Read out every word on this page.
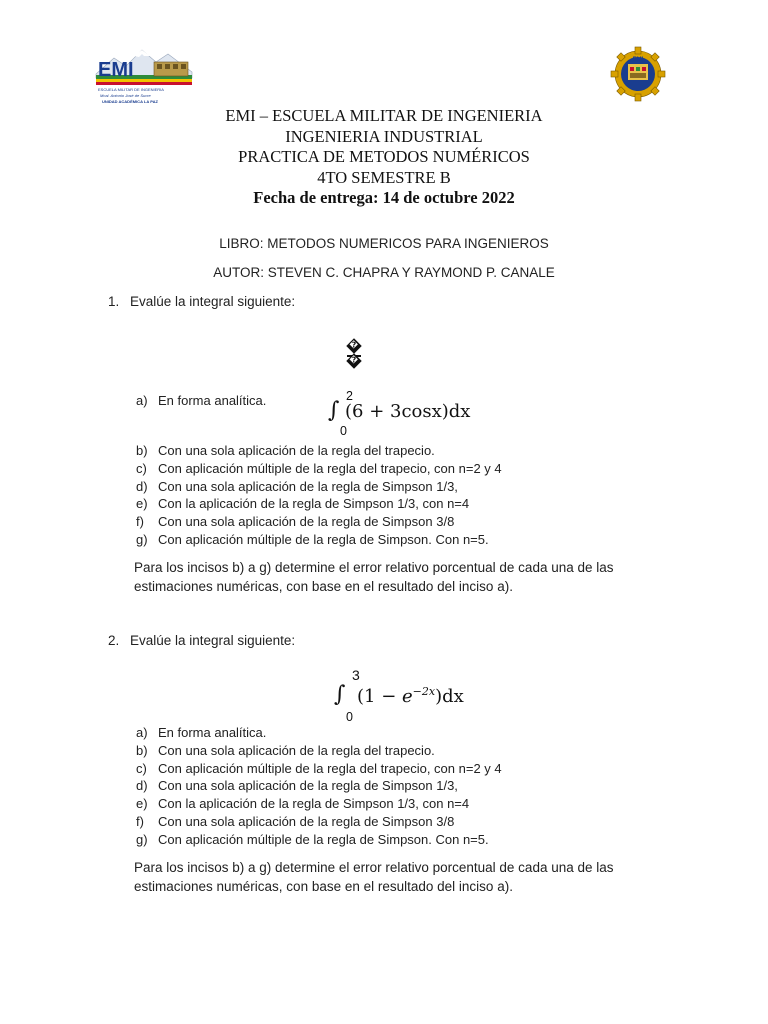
EMI
ESCUELA MILITAR DE INGENIERIA
Mcal. Antonio José de Sucre
UNIDAD ACADÉMICA LA PAZ
EMI
EMI – ESCUELA MILITAR DE INGENIERIA
INGENIERIA INDUSTRIAL
PRACTICA DE METODOS NUMÉRICOS
4TO SEMESTRE B
Fecha de entrega: 14 de octubre 2022
LIBRO: METODOS NUMERICOS PARA INGENIEROS
AUTOR: STEVEN C. CHAPRA Y RAYMOND P. CANALE
1. Evalúe la integral siguiente:
�
�
2
∫ (6 + 3cosx)dx
0
a) En forma analítica.
b) Con una sola aplicación de la regla del trapecio.
c) Con aplicación múltiple de la regla del trapecio, con n=2 y 4
d) Con una sola aplicación de la regla de Simpson 1/3,
e) Con la aplicación de la regla de Simpson 1/3, con n=4
f) Con una sola aplicación de la regla de Simpson 3/8
g) Con aplicación múltiple de la regla de Simpson. Con n=5.
Para los incisos b) a g) determine el error relativo porcentual de cada una de las estimaciones numéricas, con base en el resultado del inciso a).
2. Evalúe la integral siguiente:
3
∫ $(1 - e^{-2x})dx$
0
a) En forma analítica.
b) Con una sola aplicación de la regla del trapecio.
c) Con aplicación múltiple de la regla del trapecio, con n=2 y 4
d) Con una sola aplicación de la regla de Simpson 1/3,
e) Con la aplicación de la regla de Simpson 1/3, con n=4
f) Con una sola aplicación de la regla de Simpson 3/8
g) Con aplicación múltiple de la regla de Simpson. Con n=5.
Para los incisos b) a g) determine el error relativo porcentual de cada una de las estimaciones numéricas, con base en el resultado del inciso a).
